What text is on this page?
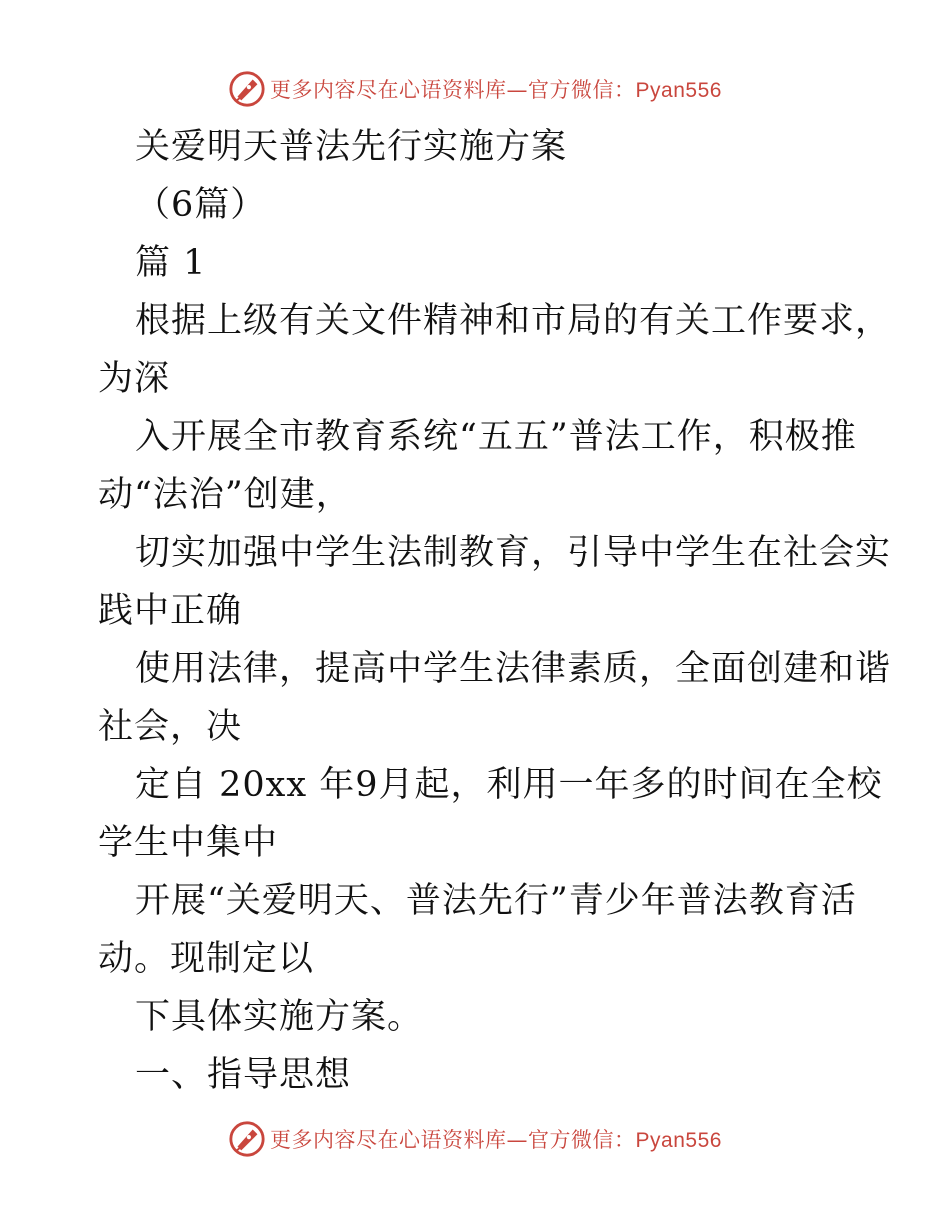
更多内容尽在心语资料库—官方微信：Pyan556
关爱明天普法先行实施方案
（6篇）
篇 1
根据上级有关文件精神和市局的有关工作要求，
为深
入开展全市教育系统“五五”普法工作，积极推
动“法治”创建，
切实加强中学生法制教育，引导中学生在社会实
践中正确
使用法律，提高中学生法律素质，全面创建和谐
社会，决
定自 20xx 年9月起，利用一年多的时间在全校
学生中集中
开展“关爱明天、普法先行”青少年普法教育活
动。现制定以
下具体实施方案。
一、指导思想
更多内容尽在心语资料库—官方微信：Pyan556
